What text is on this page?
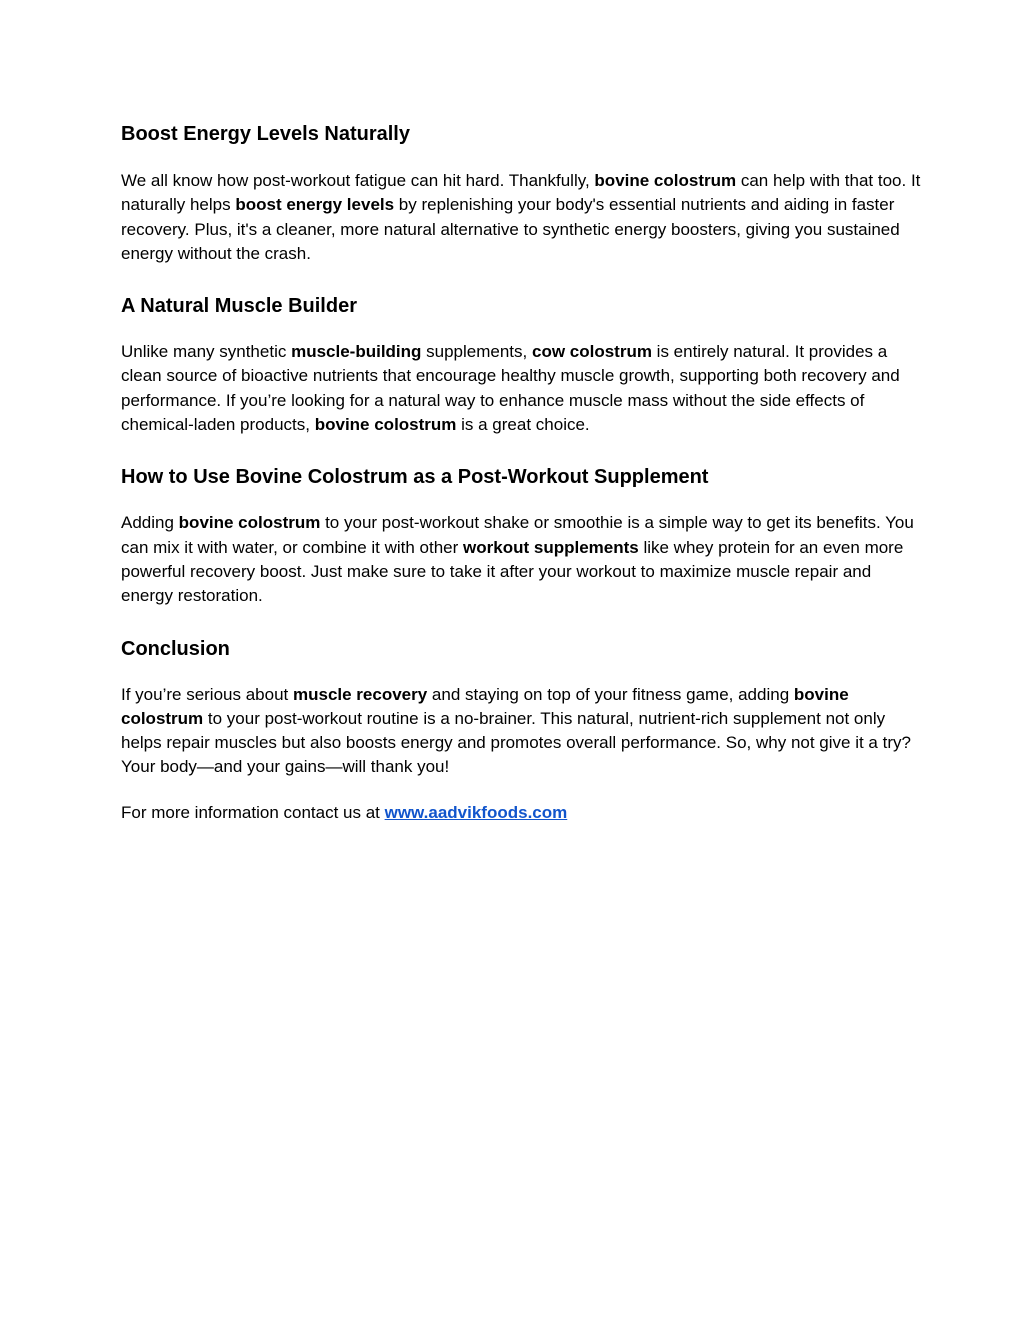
Boost Energy Levels Naturally

We all know how post-workout fatigue can hit hard. Thankfully, bovine colostrum can help with that too. It naturally helps boost energy levels by replenishing your body's essential nutrients and aiding in faster recovery. Plus, it's a cleaner, more natural alternative to synthetic energy boosters, giving you sustained energy without the crash.

A Natural Muscle Builder

Unlike many synthetic muscle-building supplements, cow colostrum is entirely natural. It provides a clean source of bioactive nutrients that encourage healthy muscle growth, supporting both recovery and performance. If you’re looking for a natural way to enhance muscle mass without the side effects of chemical-laden products, bovine colostrum is a great choice.

How to Use Bovine Colostrum as a Post-Workout Supplement

Adding bovine colostrum to your post-workout shake or smoothie is a simple way to get its benefits. You can mix it with water, or combine it with other workout supplements like whey protein for an even more powerful recovery boost. Just make sure to take it after your workout to maximize muscle repair and energy restoration.

Conclusion

If you’re serious about muscle recovery and staying on top of your fitness game, adding bovine colostrum to your post-workout routine is a no-brainer. This natural, nutrient-rich supplement not only helps repair muscles but also boosts energy and promotes overall performance. So, why not give it a try? Your body—and your gains—will thank you!

For more information contact us at www.aadvikfoods.com
